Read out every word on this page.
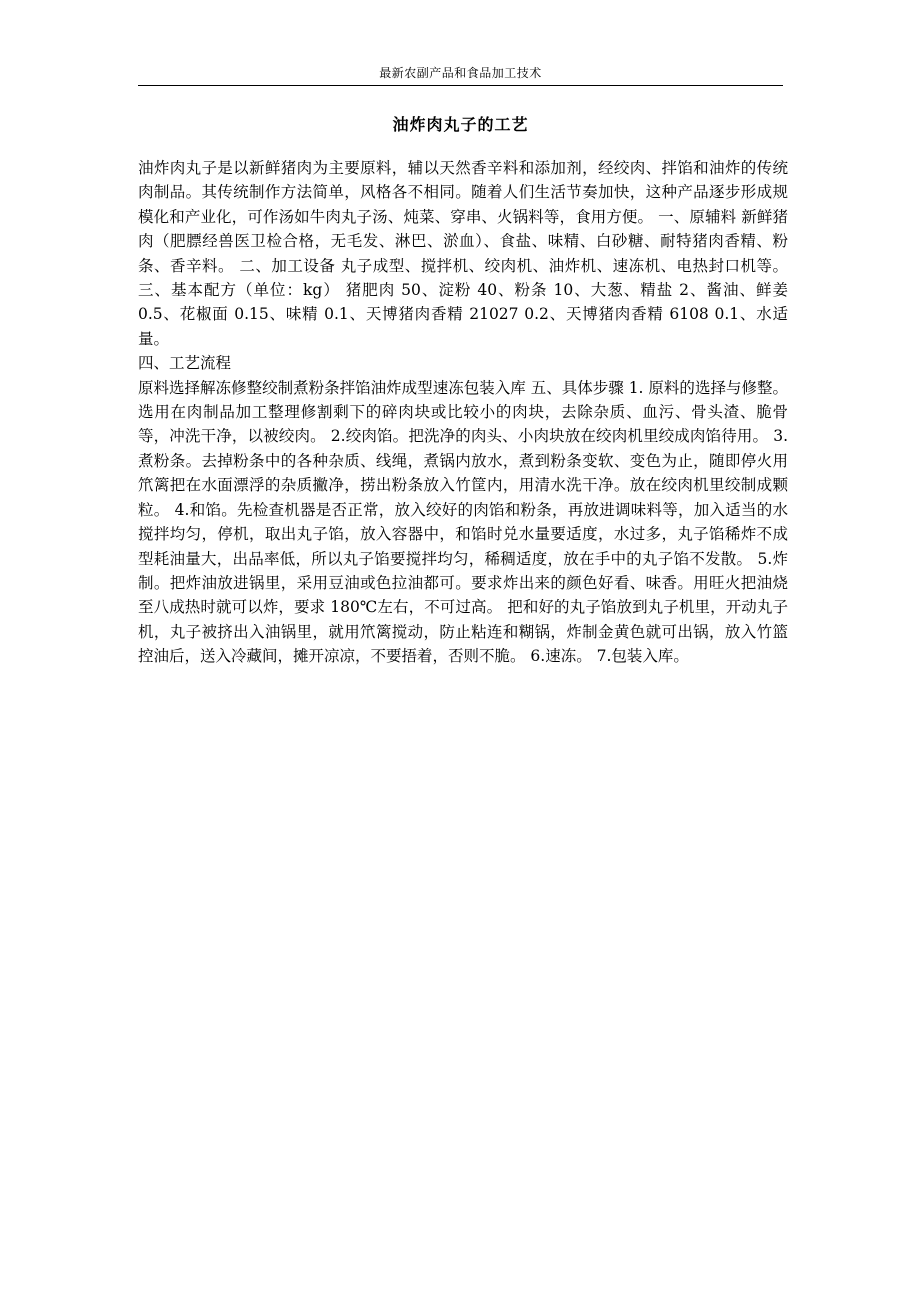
最新农副产品和食品加工技术
油炸肉丸子的工艺

油炸肉丸子是以新鲜猪肉为主要原料，辅以天然香辛料和添加剂，经绞肉、拌馅和油炸的传统肉制品。其传统制作方法简单，风格各不相同。随着人们生活节奏加快，这种产品逐步形成规模化和产业化，可作汤如牛肉丸子汤、炖菜、穿串、火锅料等，食用方便。 一、原辅料 新鲜猪肉（肥膘经兽医卫检合格，无毛发、淋巴、淤血）、食盐、味精、白砂糖、耐特猪肉香精、粉条、香辛料。 二、加工设备 丸子成型、搅拌机、绞肉机、油炸机、速冻机、电热封口机等。 三、基本配方（单位：kg） 猪肥肉 50、淀粉 40、粉条 10、大葱、精盐 2、酱油、鲜姜 0.5、花椒面 0.15、味精 0.1、天博猪肉香精 21027 0.2、天博猪肉香精 6108 0.1、水适量。

四、工艺流程

原料选择解冻修整绞制煮粉条拌馅油炸成型速冻包装入库 五、具体步骤 1. 原料的选择与修整。选用在肉制品加工整理修割剩下的碎肉块或比较小的肉块，去除杂质、血污、骨头渣、脆骨等，冲洗干净，以被绞肉。 2.绞肉馅。把洗净的肉头、小肉块放在绞肉机里绞成肉馅待用。 3.煮粉条。去掉粉条中的各种杂质、线绳，煮锅内放水，煮到粉条变软、变色为止，随即停火用笊篱把在水面漂浮的杂质撇净，捞出粉条放入竹筐内，用清水洗干净。放在绞肉机里绞制成颗粒。 4.和馅。先检查机器是否正常，放入绞好的肉馅和粉条，再放进调味料等，加入适当的水搅拌均匀，停机，取出丸子馅，放入容器中，和馅时兑水量要适度，水过多，丸子馅稀炸不成型耗油量大，出品率低，所以丸子馅要搅拌均匀，稀稠适度，放在手中的丸子馅不发散。 5.炸制。把炸油放进锅里，采用豆油或色拉油都可。要求炸出来的颜色好看、味香。用旺火把油烧至八成热时就可以炸，要求 180℃左右，不可过高。 把和好的丸子馅放到丸子机里，开动丸子机，丸子被挤出入油锅里，就用笊篱搅动，防止粘连和糊锅，炸制金黄色就可出锅，放入竹篮控油后，送入冷藏间，摊开凉凉，不要捂着，否则不脆。 6.速冻。 7.包装入库。
